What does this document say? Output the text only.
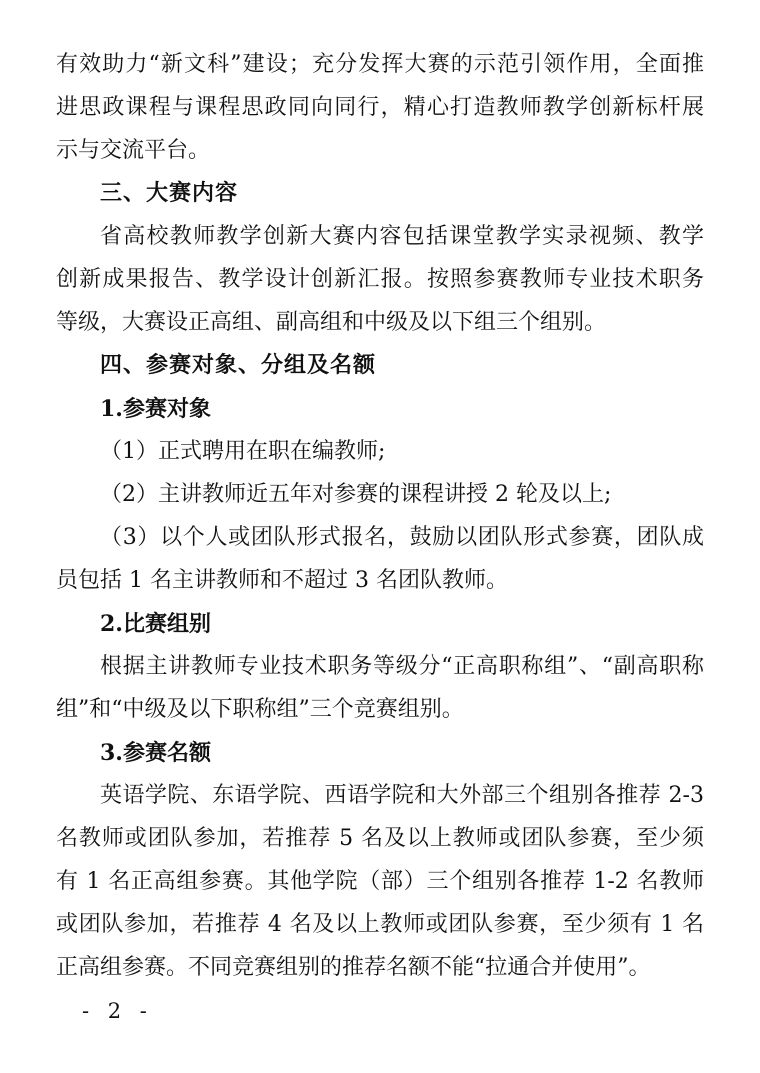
有效助力“新文科”建设；充分发挥大赛的示范引领作用，全面推
进思政课程与课程思政同向同行，精心打造教师教学创新标杆展
示与交流平台。
三、大赛内容
省高校教师教学创新大赛内容包括课堂教学实录视频、教学
创新成果报告、教学设计创新汇报。按照参赛教师专业技术职务
等级，大赛设正高组、副高组和中级及以下组三个组别。
四、参赛对象、分组及名额
1.参赛对象
（1）正式聘用在职在编教师;
（2）主讲教师近五年对参赛的课程讲授 2 轮及以上;
（3）以个人或团队形式报名，鼓励以团队形式参赛，团队成
员包括 1 名主讲教师和不超过 3 名团队教师。
2.比赛组别
根据主讲教师专业技术职务等级分“正高职称组”、“副高职称
组”和“中级及以下职称组”三个竞赛组别。
3.参赛名额
英语学院、东语学院、西语学院和大外部三个组别各推荐 2-3
名教师或团队参加，若推荐 5 名及以上教师或团队参赛，至少须
有 1 名正高组参赛。其他学院（部）三个组别各推荐 1-2 名教师
或团队参加，若推荐 4 名及以上教师或团队参赛，至少须有 1 名
正高组参赛。不同竞赛组别的推荐名额不能“拉通合并使用”。
- 2 -
